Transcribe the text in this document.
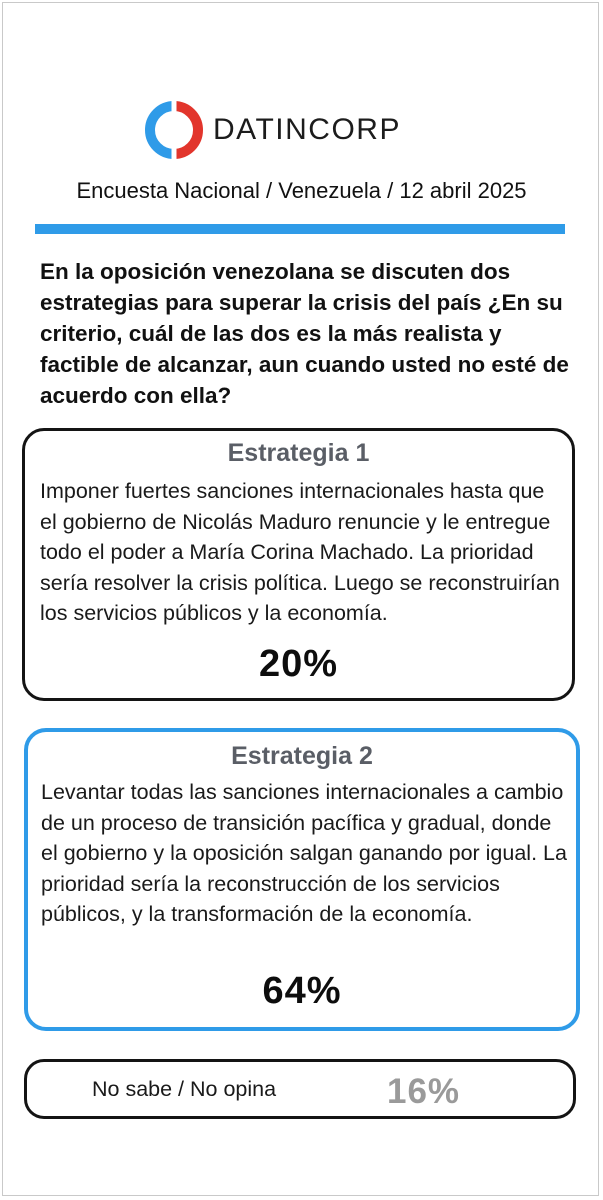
DATINCORP
Encuesta Nacional / Venezuela / 12 abril 2025
En la oposición venezolana se discuten dos estrategias para superar la crisis del país ¿En su criterio, cuál de las dos es la más realista y factible de alcanzar, aun cuando usted no esté de acuerdo con ella?
Estrategia 1
Imponer fuertes sanciones internacionales hasta que el gobierno de Nicolás Maduro renuncie y le entregue todo el poder a María Corina Machado. La prioridad sería resolver la crisis política. Luego se reconstruirían los servicios públicos y la economía.
20%
Estrategia 2
Levantar todas las sanciones internacionales a cambio de un proceso de transición pacífica y gradual, donde el gobierno y la oposición salgan ganando por igual. La prioridad sería la reconstrucción de los servicios públicos, y la transformación de la economía.
64%
No sabe / No opina	16%
